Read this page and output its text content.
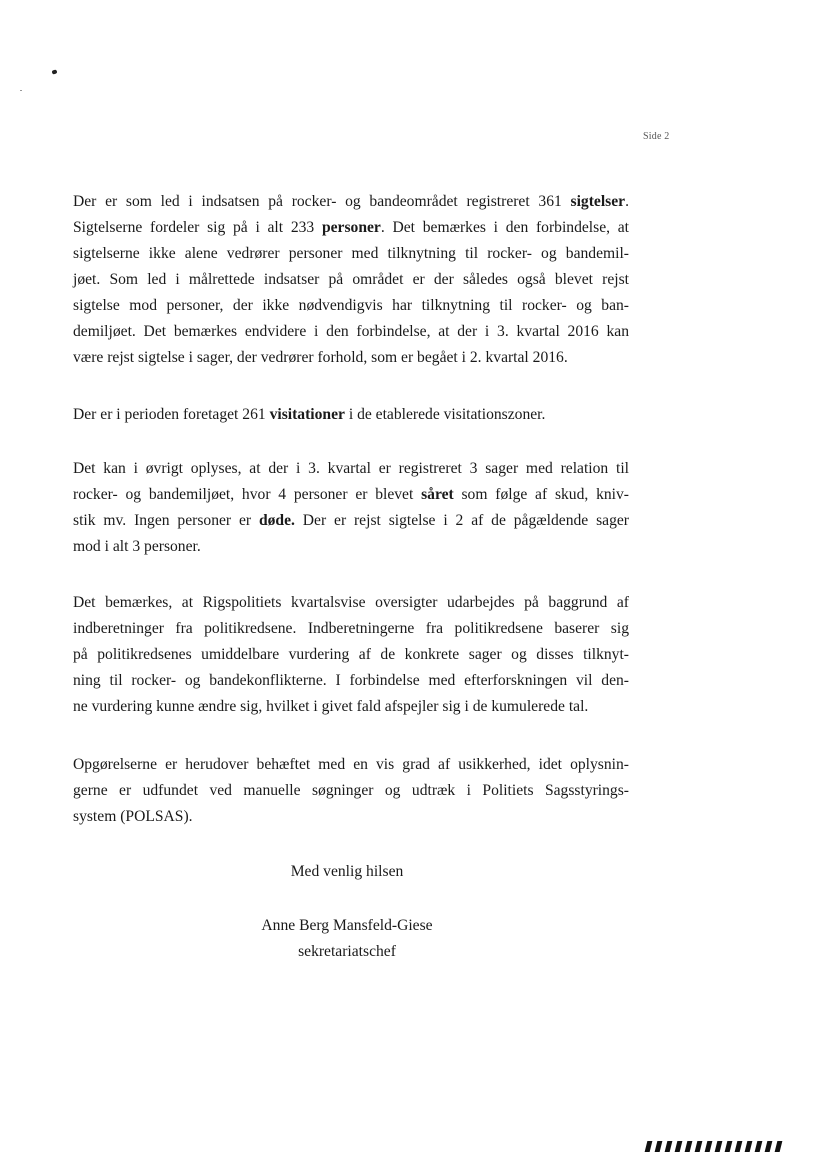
Side 2
Der er som led i indsatsen på rocker- og bandeområdet registreret 361 sigtelser.
Sigtelserne fordeler sig på i alt 233 personer. Det bemærkes i den forbindelse, at
sigtelserne ikke alene vedrører personer med tilknytning til rocker- og bandemil-
jøet. Som led i målrettede indsatser på området er der således også blevet rejst
sigtelse mod personer, der ikke nødvendigvis har tilknytning til rocker- og ban-
demiljøet. Det bemærkes endvidere i den forbindelse, at der i 3. kvartal 2016 kan
være rejst sigtelse i sager, der vedrører forhold, som er begået i 2. kvartal 2016.
Der er i perioden foretaget 261 visitationer i de etablerede visitationszoner.
Det kan i øvrigt oplyses, at der i 3. kvartal er registreret 3 sager med relation til
rocker- og bandemiljøet, hvor 4 personer er blevet såret som følge af skud, kniv-
stik mv. Ingen personer er døde. Der er rejst sigtelse i 2 af de pågældende sager
mod i alt 3 personer.
Det bemærkes, at Rigspolitiets kvartalsvise oversigter udarbejdes på baggrund af
indberetninger fra politikredsene. Indberetningerne fra politikredsene baserer sig
på politikredsenes umiddelbare vurdering af de konkrete sager og disses tilknyt-
ning til rocker- og bandekonflikterne. I forbindelse med efterforskningen vil den-
ne vurdering kunne ændre sig, hvilket i givet fald afspejler sig i de kumulerede tal.
Opgørelserne er herudover behæftet med en vis grad af usikkerhed, idet oplysnin-
gerne er udfundet ved manuelle søgninger og udtræk i Politiets Sagsstyrings-
system (POLSAS).
Med venlig hilsen
Anne Berg Mansfeld-Giese
sekretariatschef
